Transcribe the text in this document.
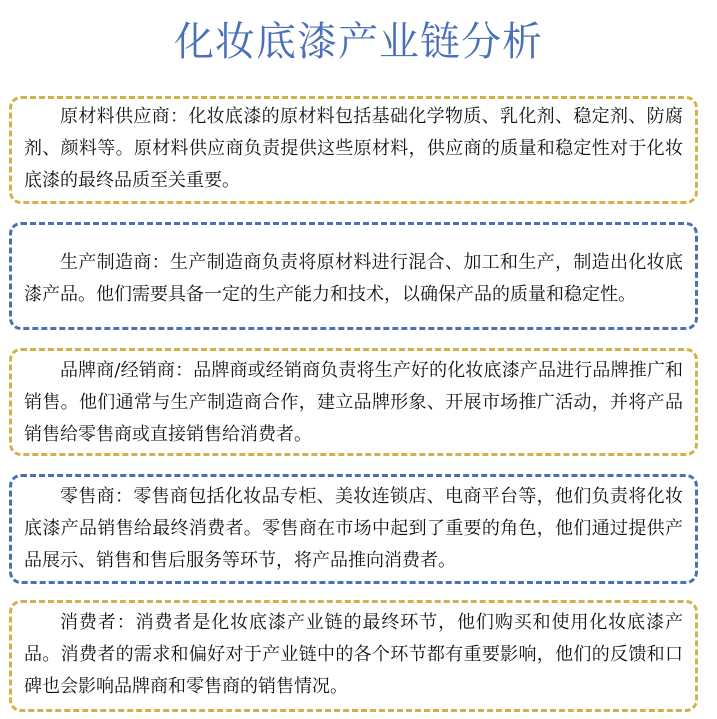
化妆底漆产业链分析
原材料供应商：化妆底漆的原材料包括基础化学物质、乳化剂、稳定剂、防腐剂、颜料等。原材料供应商负责提供这些原材料，供应商的质量和稳定性对于化妆底漆的最终品质至关重要。
生产制造商：生产制造商负责将原材料进行混合、加工和生产，制造出化妆底漆产品。他们需要具备一定的生产能力和技术，以确保产品的质量和稳定性。
品牌商/经销商：品牌商或经销商负责将生产好的化妆底漆产品进行品牌推广和销售。他们通常与生产制造商合作，建立品牌形象、开展市场推广活动，并将产品销售给零售商或直接销售给消费者。
零售商：零售商包括化妆品专柜、美妆连锁店、电商平台等，他们负责将化妆底漆产品销售给最终消费者。零售商在市场中起到了重要的角色，他们通过提供产品展示、销售和售后服务等环节，将产品推向消费者。
消费者：消费者是化妆底漆产业链的最终环节，他们购买和使用化妆底漆产品。消费者的需求和偏好对于产业链中的各个环节都有重要影响，他们的反馈和口碑也会影响品牌商和零售商的销售情况。
